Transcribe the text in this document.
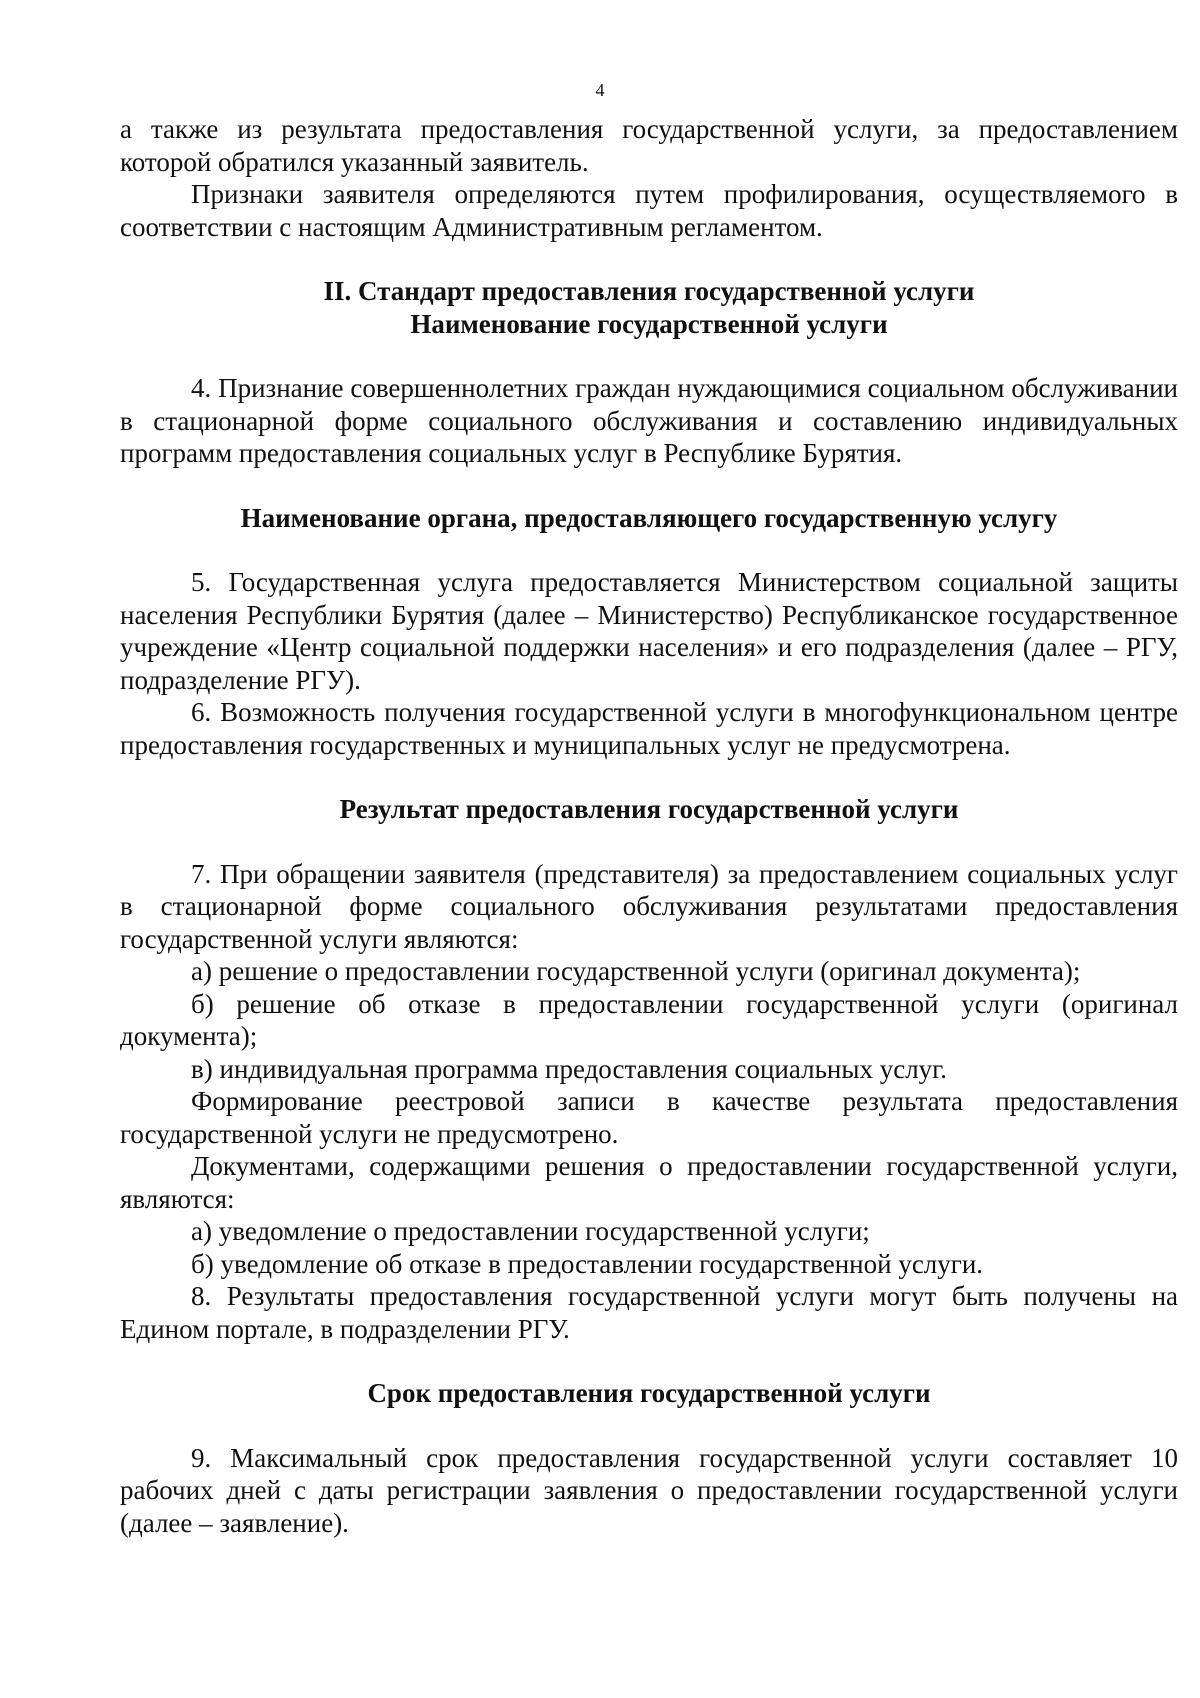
4

а также из результата предоставления государственной услуги, за предоставлением которой обратился указанный заявитель.

Признаки заявителя определяются путем профилирования, осуществляемого в соответствии с настоящим Административным регламентом.

II. Стандарт предоставления государственной услуги
Наименование государственной услуги

4. Признание совершеннолетних граждан нуждающимися социальном обслуживании в стационарной форме социального обслуживания и составлению индивидуальных программ предоставления социальных услуг в Республике Бурятия.

Наименование органа, предоставляющего государственную услугу

5. Государственная услуга предоставляется Министерством социальной защиты населения Республики Бурятия (далее – Министерство) Республиканское государственное учреждение «Центр социальной поддержки населения» и его подразделения (далее – РГУ, подразделение РГУ).

6. Возможность получения государственной услуги в многофункциональном центре предоставления государственных и муниципальных услуг не предусмотрена.

Результат предоставления государственной услуги

7. При обращении заявителя (представителя) за предоставлением социальных услуг в стационарной форме социального обслуживания результатами предоставления государственной услуги являются:

а) решение о предоставлении государственной услуги (оригинал документа);

б) решение об отказе в предоставлении государственной услуги (оригинал документа);

в) индивидуальная программа предоставления социальных услуг.

Формирование реестровой записи в качестве результата предоставления государственной услуги не предусмотрено.

Документами, содержащими решения о предоставлении государственной услуги, являются:

а) уведомление о предоставлении государственной услуги;

б) уведомление об отказе в предоставлении государственной услуги.

8. Результаты предоставления государственной услуги могут быть получены на Едином портале, в подразделении РГУ.

Срок предоставления государственной услуги

9. Максимальный срок предоставления государственной услуги составляет 10 рабочих дней с даты регистрации заявления о предоставлении государственной услуги (далее – заявление).
